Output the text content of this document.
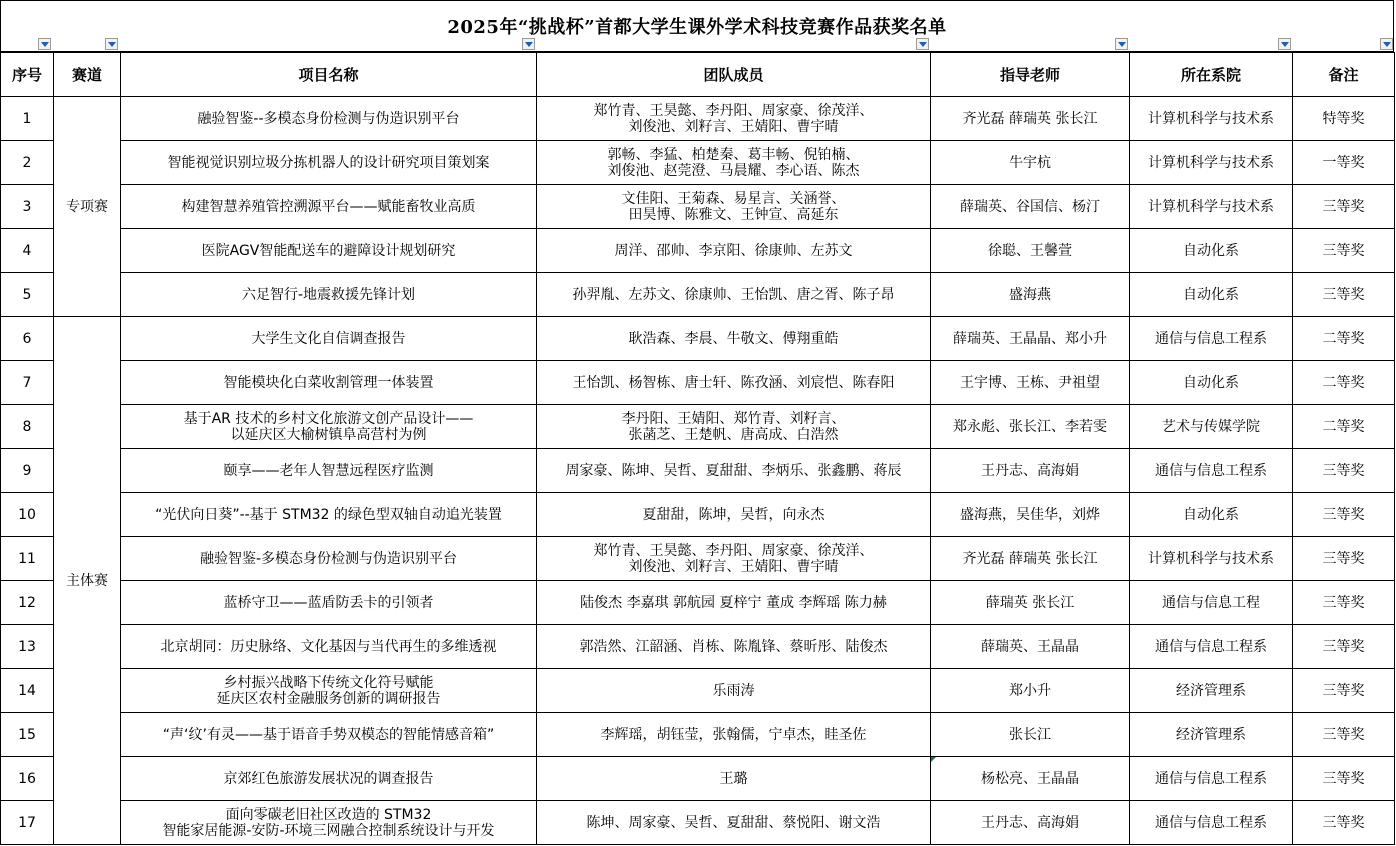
2025年“挑战杯”首都大学生课外学术科技竞赛作品获奖名单
序号	赛道	项目名称	团队成员	指导老师	所在系院	备注
1	专项赛	融验智鉴--多模态身份检测与伪造识别平台	郑竹青、王昊懿、李丹阳、周家豪、徐茂洋、
刘俊池、刘籽言、王婧阳、曹宇晴	齐光磊 薛瑞英 张长江	计算机科学与技术系	特等奖
2		智能视觉识别垃圾分拣机器人的设计研究项目策划案	郭畅、李猛、柏楚秦、葛丰畅、倪铂楠、
刘俊池、赵莞澄、马晨耀、李心语、陈杰	牛宇杭	计算机科学与技术系	一等奖
3		构建智慧养殖管控溯源平台——赋能畜牧业高质	文佳阳、王菊森、易星言、关涵誉、
田昊博、陈雅文、王钟宣、高延东	薛瑞英、谷国信、杨汀	计算机科学与技术系	三等奖
4		医院AGV智能配送车的避障设计规划研究	周洋、邵帅、李京阳、徐康帅、左苏文	徐聪、王馨萱	自动化系	三等奖
5		六足智行-地震救援先锋计划	孙羿胤、左苏文、徐康帅、王怡凯、唐之胥、陈子昂	盛海燕	自动化系	三等奖
6	主体赛	大学生文化自信调查报告	耿浩森、李晨、牛敬文、傅翔重皓	薛瑞英、王晶晶、郑小升	通信与信息工程系	二等奖
7		智能模块化白菜收割管理一体装置	王怡凯、杨智栋、唐士轩、陈孜涵、刘宸恺、陈春阳	王宇博、王栋、尹祖望	自动化系	二等奖
8		基于AR 技术的乡村文化旅游文创产品设计——
以延庆区大榆树镇阜高营村为例	李丹阳、王婧阳、郑竹青、刘籽言、
张菡芝、王楚帆、唐高成、白浩然	郑永彪、张长江、李若雯	艺术与传媒学院	二等奖
9		颐享——老年人智慧远程医疗监测	周家豪、陈坤、吴哲、夏甜甜、李炳乐、张鑫鹏、蒋辰	王丹志、高海娟	通信与信息工程系	三等奖
10		“光伏向日葵”--基于 STM32 的绿色型双轴自动追光装置	夏甜甜，陈坤，吴哲，向永杰	盛海燕，吴佳华，刘烨	自动化系	三等奖
11		融验智鉴-多模态身份检测与伪造识别平台	郑竹青、王昊懿、李丹阳、周家豪、徐茂洋、
刘俊池、刘籽言、王婧阳、曹宇晴	齐光磊 薛瑞英 张长江	计算机科学与技术系	三等奖
12		蓝桥守卫——蓝盾防丢卡的引领者	陆俊杰 李嘉琪 郭航园 夏梓宁 董成 李辉瑶 陈力赫	薛瑞英 张长江	通信与信息工程	三等奖
13		北京胡同：历史脉络、文化基因与当代再生的多维透视	郭浩然、江韶涵、肖栋、陈胤锋、蔡昕彤、陆俊杰	薛瑞英、王晶晶	通信与信息工程系	三等奖
14		乡村振兴战略下传统文化符号赋能
延庆区农村金融服务创新的调研报告	乐雨涛	郑小升	经济管理系	三等奖
15		“声‘纹’有灵——基于语音手势双模态的智能情感音箱”	李辉瑶，胡钰莹，张翰儒，宁卓杰，眭圣佐	张长江	经济管理系	三等奖
16		京郊红色旅游发展状况的调查报告	王璐	杨松亮、王晶晶	通信与信息工程系	三等奖
17		面向零碳老旧社区改造的 STM32
智能家居能源-安防-环境三网融合控制系统设计与开发	陈坤、周家豪、吴哲、夏甜甜、蔡悦阳、谢文浩	王丹志、高海娟	通信与信息工程系	三等奖
